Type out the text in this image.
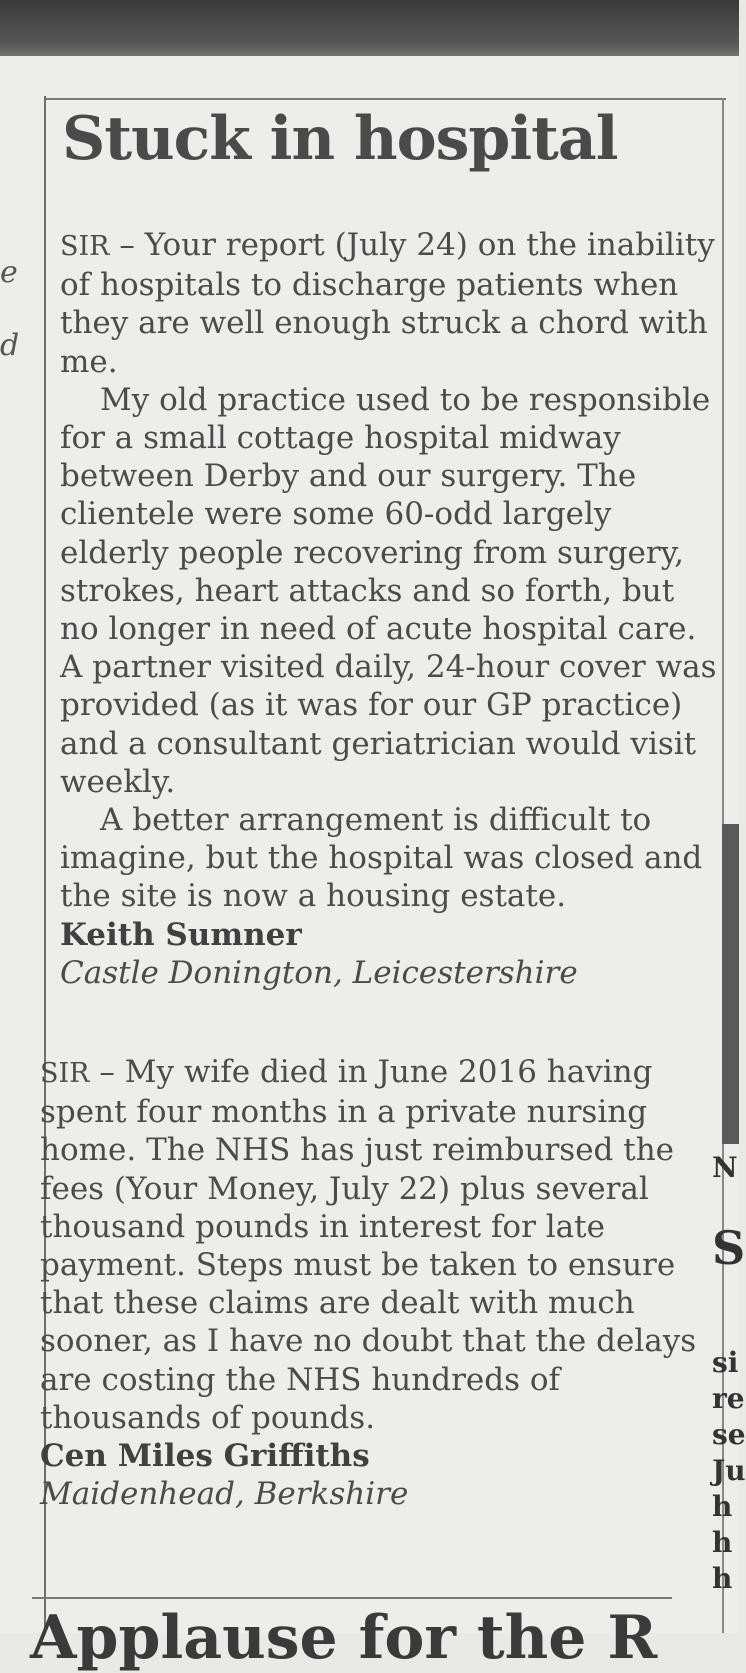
e
d
N
S
si
re
se
Ju
h
h
h
Stuck in hospital

SIR – Your report (July 24) on the inability of hospitals to discharge patients when they are well enough struck a chord with me.

My old practice used to be responsible for a small cottage hospital midway between Derby and our surgery. The clientele were some 60-odd largely elderly people recovering from surgery, strokes, heart attacks and so forth, but no longer in need of acute hospital care. A partner visited daily, 24-hour cover was provided (as it was for our GP practice) and a consultant geriatrician would visit weekly.

A better arrangement is difficult to imagine, but the hospital was closed and the site is now a housing estate.

Keith Sumner

Castle Donington, Leicestershire

SIR – My wife died in June 2016 having spent four months in a private nursing home. The NHS has just reimbursed the fees (Your Money, July 22) plus several thousand pounds in interest for late payment. Steps must be taken to ensure that these claims are dealt with much sooner, as I have no doubt that the delays are costing the NHS hundreds of thousands of pounds.

Cen Miles Griffiths

Maidenhead, Berkshire

Applause for the R
